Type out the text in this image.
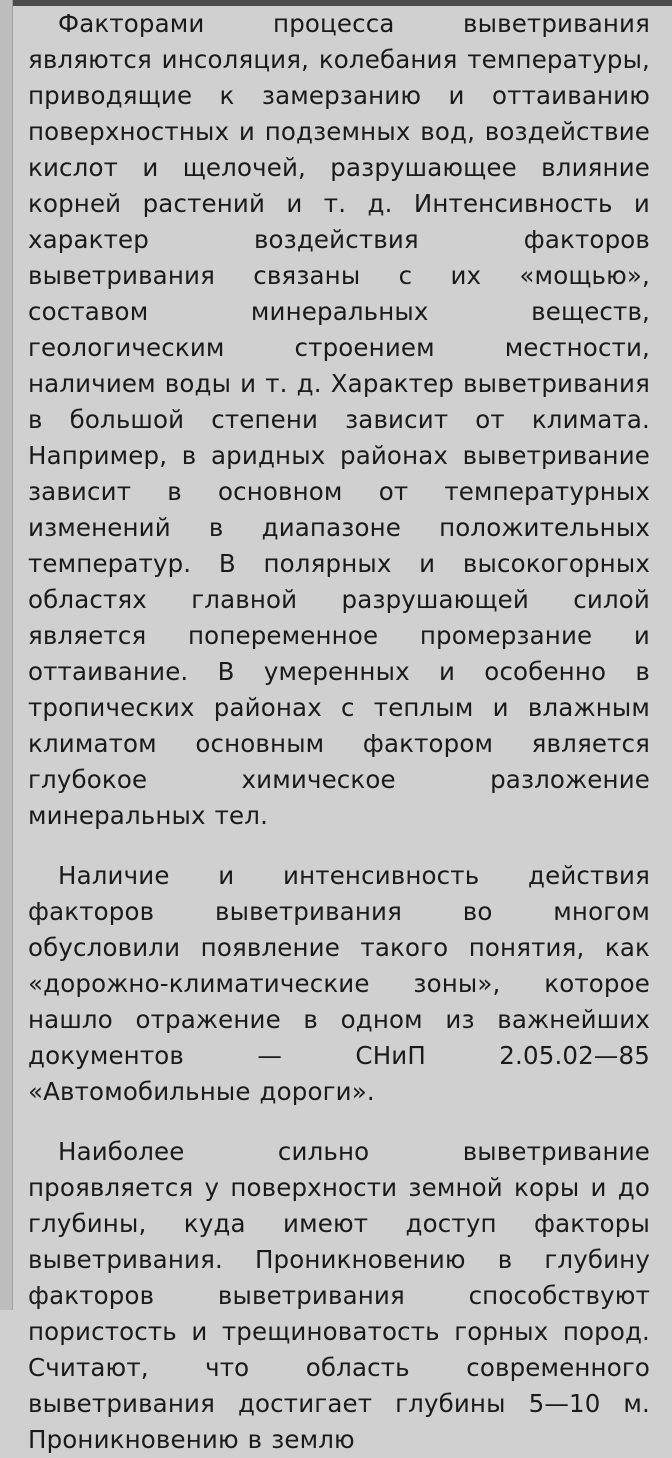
Факторами процесса выветривания являются инсоляция, колебания температуры, приводящие к замерзанию и оттаиванию поверхностных и подземных вод, воздействие кислот и щелочей, разрушающее влияние корней растений и т. д. Интенсивность и характер воздействия факторов выветривания связаны с их «мощью», составом минеральных веществ, геологическим строением местности, наличием воды и т. д. Характер выветривания в большой степени зависит от климата. Например, в аридных районах выветривание зависит в основном от температурных изменений в диапазоне положительных температур. В полярных и высокогорных областях главной разрушающей силой является попеременное промерзание и оттаивание. В умеренных и особенно в тропических районах с теплым и влажным климатом основным фактором является глубокое химическое разложение минеральных тел.

Наличие и интенсивность действия факторов выветривания во многом обусловили появление такого понятия, как «дорожно-климатические зоны», которое нашло отражение в одном из важнейших документов — СНиП 2.05.02—85 «Автомобильные дороги».

Наиболее сильно выветривание проявляется у поверхности земной коры и до глубины, куда имеют доступ факторы выветривания. Проникновению в глубину факторов выветривания способствуют пористость и трещиноватость горных пород. Считают, что область современного выветривания достигает глубины 5—10 м. Проникновению в землю
